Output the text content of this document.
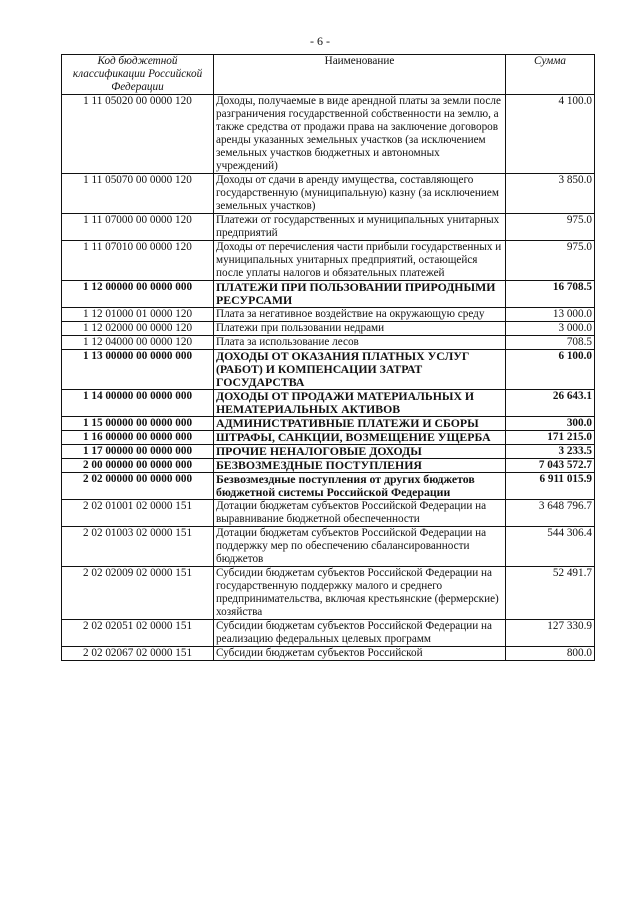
- 6 -
Код бюджетной классификации Российской Федерации	Наименование	Сумма
1 11 05020 00 0000 120	Доходы, получаемые в виде арендной платы за земли после разграничения государственной собственности на землю, а также средства от продажи права на заключение договоров аренды указанных земельных участков (за исключением земельных участков бюджетных и автономных учреждений)	4 100.0
1 11 05070 00 0000 120	Доходы от сдачи в аренду имущества, составляющего государственную (муниципальную) казну (за исключением земельных участков)	3 850.0
1 11 07000 00 0000 120	Платежи от государственных и муниципальных унитарных предприятий	975.0
1 11 07010 00 0000 120	Доходы от перечисления части прибыли государственных и муниципальных унитарных предприятий, остающейся после уплаты налогов и обязательных платежей	975.0
1 12 00000 00 0000 000	ПЛАТЕЖИ ПРИ ПОЛЬЗОВАНИИ ПРИРОДНЫМИ РЕСУРСАМИ	16 708.5
1 12 01000 01 0000 120	Плата за негативное воздействие на окружающую среду	13 000.0
1 12 02000 00 0000 120	Платежи при пользовании недрами	3 000.0
1 12 04000 00 0000 120	Плата за использование лесов	708.5
1 13 00000 00 0000 000	ДОХОДЫ ОТ ОКАЗАНИЯ ПЛАТНЫХ УСЛУГ (РАБОТ) И КОМПЕНСАЦИИ ЗАТРАТ ГОСУДАРСТВА	6 100.0
1 14 00000 00 0000 000	ДОХОДЫ ОТ ПРОДАЖИ МАТЕРИАЛЬНЫХ И НЕМАТЕРИАЛЬНЫХ АКТИВОВ	26 643.1
1 15 00000 00 0000 000	АДМИНИСТРАТИВНЫЕ ПЛАТЕЖИ И СБОРЫ	300.0
1 16 00000 00 0000 000	ШТРАФЫ, САНКЦИИ, ВОЗМЕЩЕНИЕ УЩЕРБА	171 215.0
1 17 00000 00 0000 000	ПРОЧИЕ НЕНАЛОГОВЫЕ ДОХОДЫ	3 233.5
2 00 00000 00 0000 000	БЕЗВОЗМЕЗДНЫЕ ПОСТУПЛЕНИЯ	7 043 572.7
2 02 00000 00 0000 000	Безвозмездные поступления от других бюджетов бюджетной системы Российской Федерации	6 911 015.9
2 02 01001 02 0000 151	Дотации бюджетам субъектов Российской Федерации на выравнивание бюджетной обеспеченности	3 648 796.7
2 02 01003 02 0000 151	Дотации бюджетам субъектов Российской Федерации на поддержку мер по обеспечению сбалансированности бюджетов	544 306.4
2 02 02009 02 0000 151	Субсидии бюджетам субъектов Российской Федерации на государственную поддержку малого и среднего предпринимательства, включая крестьянские (фермерские) хозяйства	52 491.7
2 02 02051 02 0000 151	Субсидии бюджетам субъектов Российской Федерации на реализацию федеральных целевых программ	127 330.9
2 02 02067 02 0000 151	Субсидии бюджетам субъектов Российской	800.0
